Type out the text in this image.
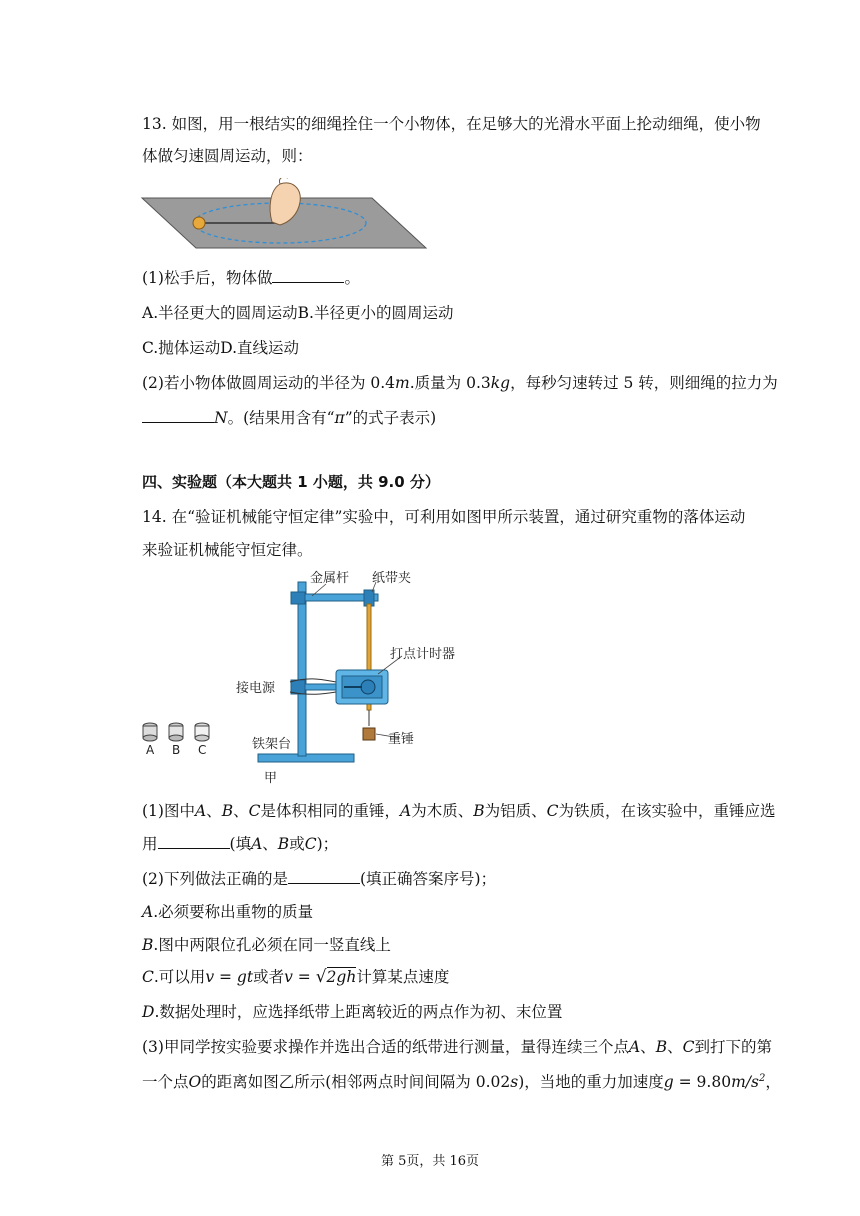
13. 如图，用一根结实的细绳拴住一个小物体，在足够大的光滑水平面上抡动细绳，使小物
体做匀速圆周运动，则：
(1)松手后，物体做	。
A.半径更大的圆周运动B.半径更小的圆周运动
C.抛体运动D.直线运动
(2)若小物体做圆周运动的半径为 0.4m.质量为 0.3kg，每秒匀速转过 5 转，则细绳的拉力为
N。(结果用含有“π”的式子表示)
四、实验题（本大题共 1 小题，共 9.0 分）
14. 在“验证机械能守恒定律”实验中，可利用如图甲所示装置，通过研究重物的落体运动
来验证机械能守恒定律。
金属杆 纸带夹
打点计时器
接电源
重锤
铁架台
甲
A B C
(1)图中A、B、C是体积相同的重锤，A为木质、B为铝质、C为铁质，在该实验中，重锤应选
用	(填A、B或C)；
(2)下列做法正确的是	(填正确答案序号)；
A.必须要称出重物的质量
B.图中两限位孔必须在同一竖直线上
C.可以用v = gt或者v = √2gh计算某点速度
D.数据处理时，应选择纸带上距离较近的两点作为初、末位置
(3)甲同学按实验要求操作并选出合适的纸带进行测量，量得连续三个点A、B、C到打下的第
一个点O的距离如图乙所示(相邻两点时间间隔为 0.02s)，当地的重力加速度$g = 9.80m/s^2$，
第 5页，共 16页
